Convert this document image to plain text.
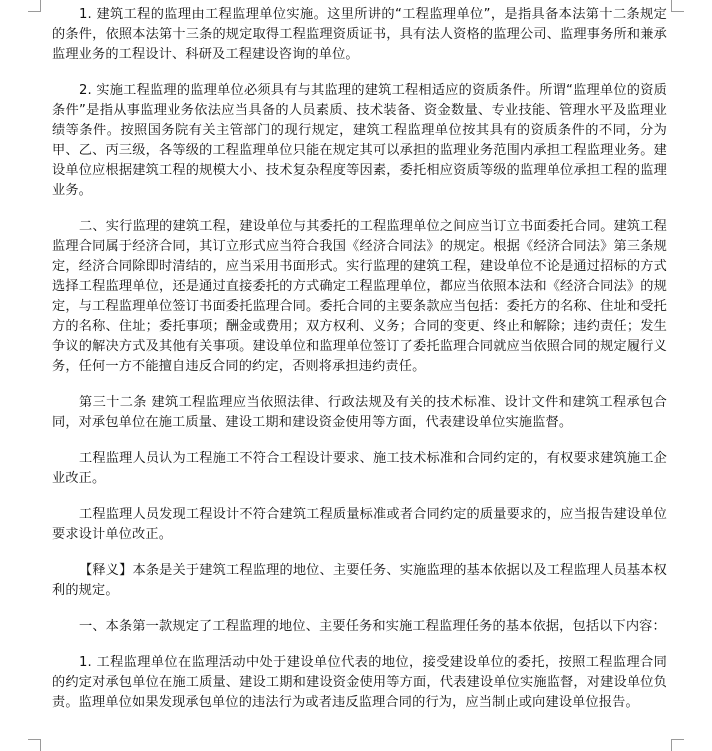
1. 建筑工程的监理由工程监理单位实施。这里所讲的“工程监理单位”，是指具备本法第十二条规定的条件，依照本法第十三条的规定取得工程监理资质证书，具有法人资格的监理公司、监理事务所和兼承监理业务的工程设计、科研及工程建设咨询的单位。

2. 实施工程监理的监理单位必须具有与其监理的建筑工程相适应的资质条件。所谓“监理单位的资质条件”是指从事监理业务依法应当具备的人员素质、技术装备、资金数量、专业技能、管理水平及监理业绩等条件。按照国务院有关主管部门的现行规定，建筑工程监理单位按其具有的资质条件的不同，分为甲、乙、丙三级，各等级的工程监理单位只能在规定其可以承担的监理业务范围内承担工程监理业务。建设单位应根据建筑工程的规模大小、技术复杂程度等因素，委托相应资质等级的监理单位承担工程的监理业务。

二、实行监理的建筑工程，建设单位与其委托的工程监理单位之间应当订立书面委托合同。建筑工程监理合同属于经济合同，其订立形式应当符合我国《经济合同法》的规定。根据《经济合同法》第三条规定，经济合同除即时清结的，应当采用书面形式。实行监理的建筑工程，建设单位不论是通过招标的方式选择工程监理单位，还是通过直接委托的方式确定工程监理单位，都应当依照本法和《经济合同法》的规定，与工程监理单位签订书面委托监理合同。委托合同的主要条款应当包括：委托方的名称、住址和受托方的名称、住址；委托事项；酬金或费用；双方权利、义务；合同的变更、终止和解除；违约责任；发生争议的解决方式及其他有关事项。建设单位和监理单位签订了委托监理合同就应当依照合同的规定履行义务，任何一方不能擅自违反合同的约定，否则将承担违约责任。

第三十二条 建筑工程监理应当依照法律、行政法规及有关的技术标准、设计文件和建筑工程承包合同，对承包单位在施工质量、建设工期和建设资金使用等方面，代表建设单位实施监督。

工程监理人员认为工程施工不符合工程设计要求、施工技术标准和合同约定的，有权要求建筑施工企业改正。

工程监理人员发现工程设计不符合建筑工程质量标准或者合同约定的质量要求的，应当报告建设单位要求设计单位改正。

【释义】本条是关于建筑工程监理的地位、主要任务、实施监理的基本依据以及工程监理人员基本权利的规定。

一、本条第一款规定了工程监理的地位、主要任务和实施工程监理任务的基本依据，包括以下内容：

1. 工程监理单位在监理活动中处于建设单位代表的地位，接受建设单位的委托，按照工程监理合同的约定对承包单位在施工质量、建设工期和建设资金使用等方面，代表建设单位实施监督，对建设单位负责。监理单位如果发现承包单位的违法行为或者违反监理合同的行为，应当制止或向建设单位报告。
